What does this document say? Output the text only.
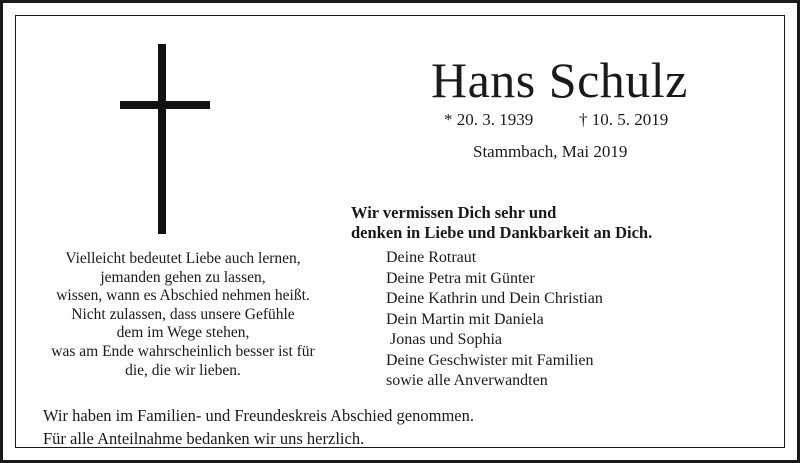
Hans Schulz
* 20. 3. 1939	† 10. 5. 2019
Stammbach, Mai 2019
Vielleicht bedeutet Liebe auch lernen,
jemanden gehen zu lassen,
wissen, wann es Abschied nehmen heißt.
Nicht zulassen, dass unsere Gefühle
dem im Wege stehen,
was am Ende wahrscheinlich besser ist für
die, die wir lieben.
Wir vermissen Dich sehr und
denken in Liebe und Dankbarkeit an Dich.
Deine Rotraut
Deine Petra mit Günter
Deine Kathrin und Dein Christian
Dein Martin mit Daniela
Jonas und Sophia
Deine Geschwister mit Familien
sowie alle Anverwandten
Wir haben im Familien- und Freundeskreis Abschied genommen.
Für alle Anteilnahme bedanken wir uns herzlich.
